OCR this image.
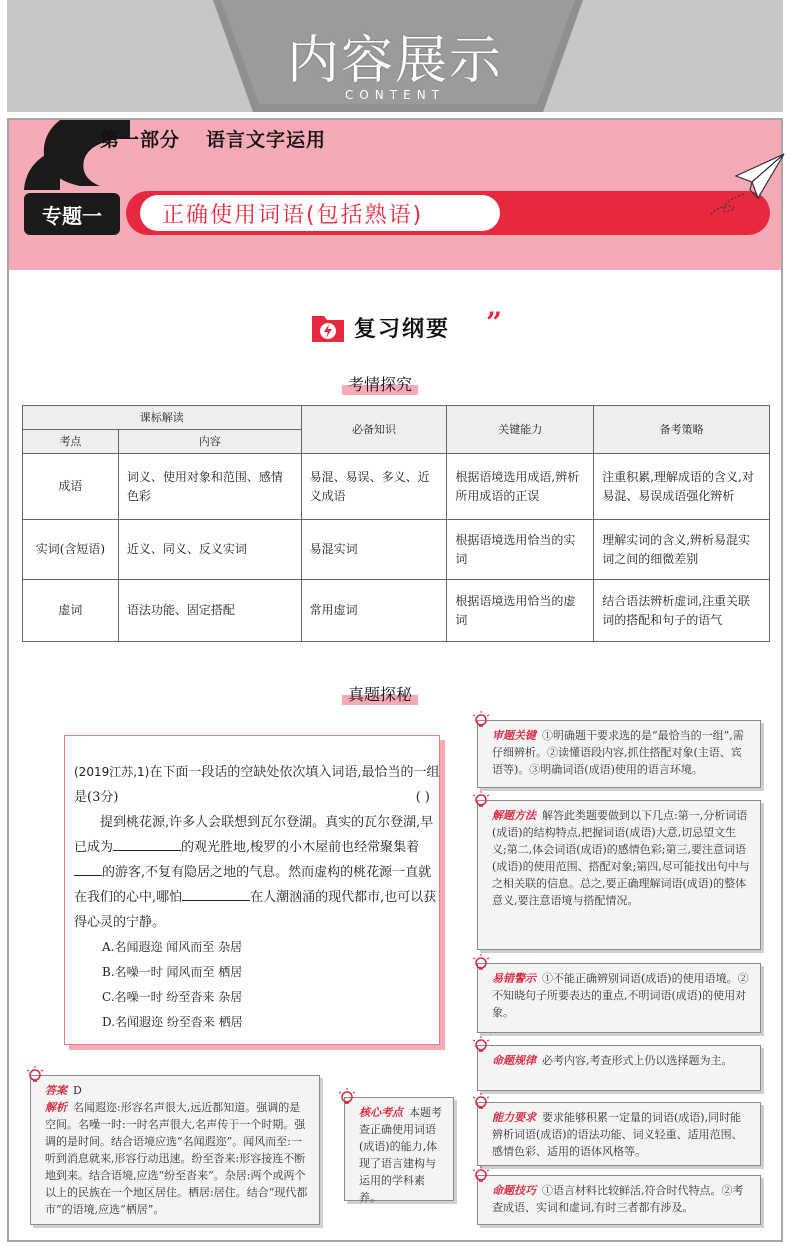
内容展示
CONTENT
第一部分 语言文字运用
专题一	正确使用词语(包括熟语)
复习纲要 ”
考情探究
课标解读		必备知识	关键能力	备考策略
考点	内容			
成语	词义、使用对象和范围、感情色彩	易混、易误、多义、近义成语	根据语境选用成语,辨析所用成语的正误	注重积累,理解成语的含义,对易混、易误成语强化辨析
实词(含短语)	近义、同义、反义实词	易混实词	根据语境选用恰当的实词	理解实词的含义,辨析易混实词之间的细微差别
虚词	语法功能、固定搭配	常用虚词	根据语境选用恰当的虚词	结合语法辨析虚词,注重关联词的搭配和句子的语气
真题探秘

(2019江苏,1)在下面一段话的空缺处依次填入词语,最恰当的一组是(3分)	( )

提到桃花源,许多人会联想到瓦尔登湖。真实的瓦尔登湖,早已成为	的观光胜地,梭罗的小木屋前也经常聚集着的游客,不复有隐居之地的气息。然而虚构的桃花源一直就在我们的心中,哪怕	在人潮汹涌的现代都市,也可以获得心灵的宁静。

A.名闻遐迩 闻风而至 杂居

B.名噪一时 闻风而至 栖居

C.名噪一时 纷至沓来 杂居

D.名闻遐迩 纷至沓来 栖居

审题关键 ①明确题干要求选的是“最恰当的一组”,需仔细辨析。②读懂语段内容,抓住搭配对象(主语、宾语等)。③明确词语(成语)使用的语言环境。
解题方法 解答此类题要做到以下几点:第一,分析词语(成语)的结构特点,把握词语(成语)大意,切忌望文生义;第二,体会词语(成语)的感情色彩;第三,要注意词语(成语)的使用范围、搭配对象;第四,尽可能找出句中与之相关联的信息。总之,要正确理解词语(成语)的整体意义,要注意语境与搭配情况。
易错警示 ①不能正确辨别词语(成语)的使用语境。②不知晓句子所要表达的重点,不明词语(成语)的使用对象。
命题规律 必考内容,考查形式上仍以选择题为主。
能力要求 要求能够积累一定量的词语(成语),同时能辨析词语(成语)的语法功能、词义轻重、适用范围、感情色彩、适用的语体风格等。
命题技巧 ①语言材料比较鲜活,符合时代特点。②考查成语、实词和虚词,有时三者都有涉及。
答案 D
解析 名闻遐迩:形容名声很大,远近都知道。强调的是空间。名噪一时:一时名声很大,名声传于一个时期。强调的是时间。结合语境应选“名闻遐迩”。闻风而至:一听到消息就来,形容行动迅速。纷至沓来:形容接连不断地到来。结合语境,应选“纷至沓来”。杂居:两个或两个以上的民族在一个地区居住。栖居:居住。结合“现代都市”的语境,应选“栖居”。
核心考点 本题考查正确使用词语(成语)的能力,体现了语言建构与运用的学科素养。
